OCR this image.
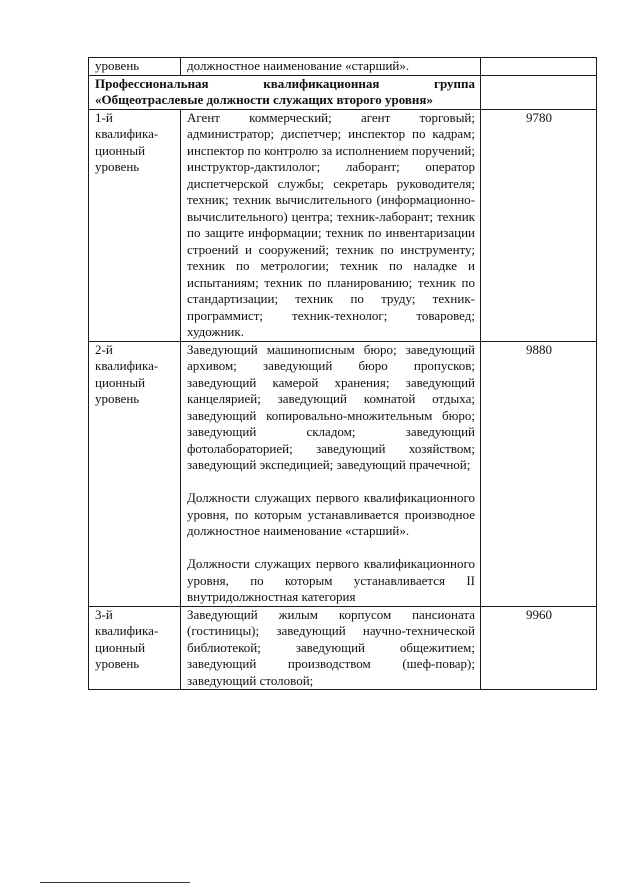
уровень	должностное наименование «старший».	
Профессиональная квалификационная группа

«Общеотраслевые должности служащих второго уровня»		

1-й квалифика-ционный уровень	Агент коммерческий; агент торговый; администратор; диспетчер; инспектор по кадрам; инспектор по контролю за исполнением поручений; инструктор-дактилолог; лаборант; оператор диспетчерской службы; секретарь руководителя; техник; техник вычислительного (информационно-вычислительного) центра; техник-лаборант; техник по защите информации; техник по инвентаризации строений и сооружений; техник по инструменту; техник по метрологии; техник по наладке и испытаниям; техник по планированию; техник по стандартизации; техник по труду; техник-программист; техник-технолог; товаровед; художник.	9780
2-й квалифика-ционный уровень	Заведующий машинописным бюро; заведующий архивом; заведующий бюро пропусков; заведующий камерой хранения; заведующий канцелярией; заведующий комнатой отдыха; заведующий копировально-множительным бюро; заведующий складом; заведующий фотолабораторией; заведующий хозяйством; заведующий экспедицией; заведующий прачечной;

Должности служащих первого квалификационного уровня, по которым устанавливается производное должностное наименование «старший».

Должности служащих первого квалификационного уровня, по которым устанавливается II внутридолжностная категория	9880
3-й квалифика-ционный уровень	Заведующий жилым корпусом пансионата (гостиницы); заведующий научно-технической библиотекой; заведующий общежитием; заведующий производством (шеф-повар); заведующий столовой;	9960
